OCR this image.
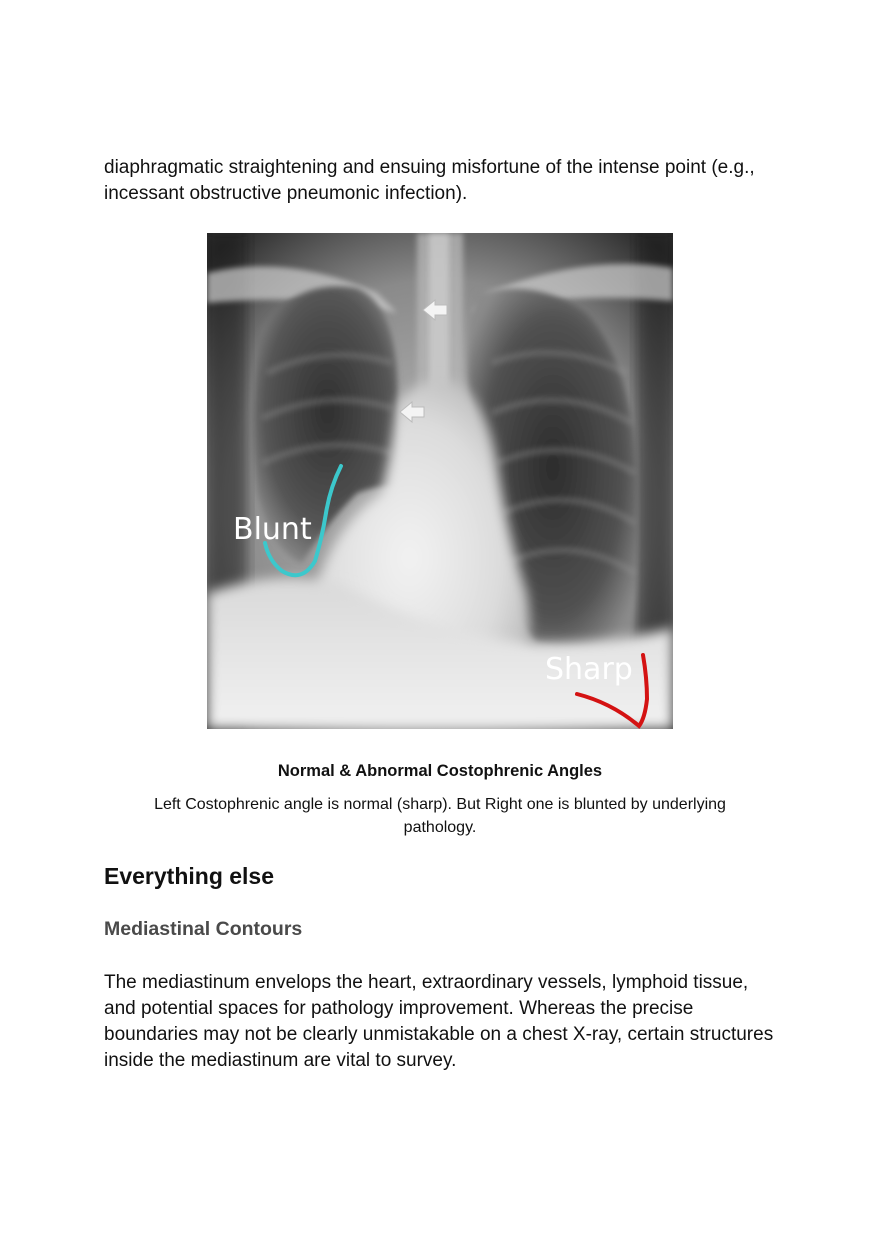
diaphragmatic straightening and ensuing misfortune of the intense point (e.g., incessant obstructive pneumonic infection).

Blunt
Sharp
Normal & Abnormal Costophrenic Angles
Left Costophrenic angle is normal (sharp). But Right one is blunted by underlying pathology.
Everything else
Mediastinal Contours

The mediastinum envelops the heart, extraordinary vessels, lymphoid tissue, and potential spaces for pathology improvement. Whereas the precise boundaries may not be clearly unmistakable on a chest X-ray, certain structures inside the mediastinum are vital to survey.
